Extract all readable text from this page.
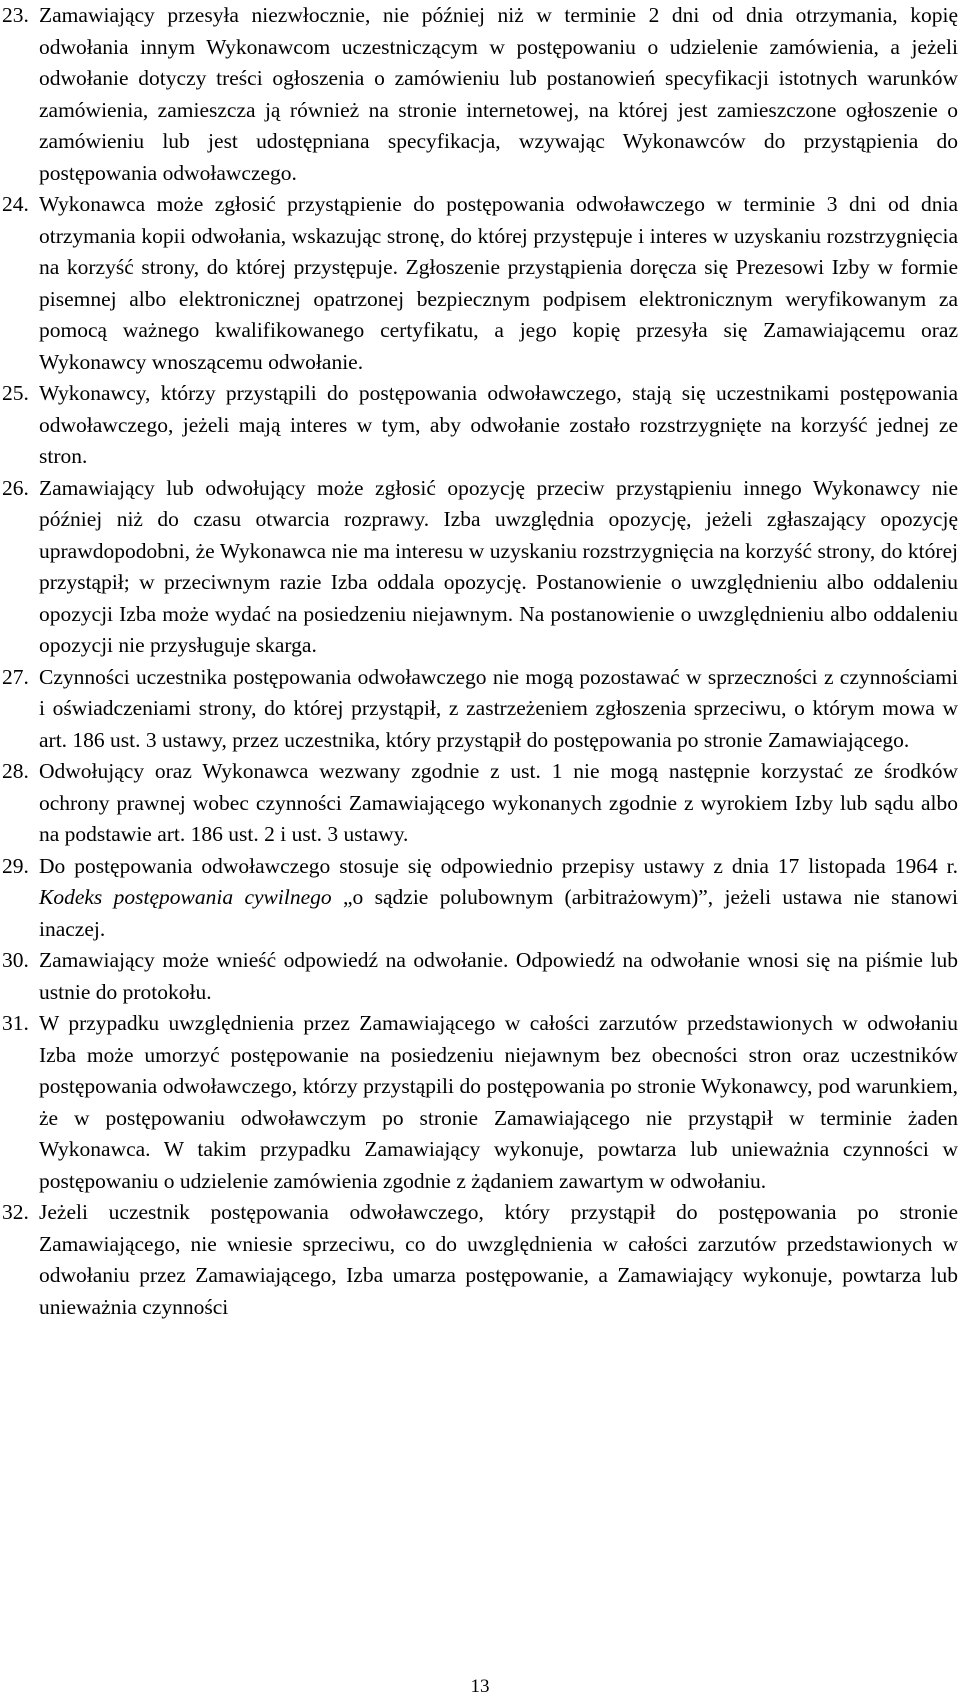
23. Zamawiający przesyła niezwłocznie, nie później niż w terminie 2 dni od dnia otrzymania, kopię odwołania innym Wykonawcom uczestniczącym w postępowaniu o udzielenie zamówienia, a jeżeli odwołanie dotyczy treści ogłoszenia o zamówieniu lub postanowień specyfikacji istotnych warunków zamówienia, zamieszcza ją również na stronie internetowej, na której jest zamieszczone ogłoszenie o zamówieniu lub jest udostępniana specyfikacja, wzywając Wykonawców do przystąpienia do postępowania odwoławczego.
24. Wykonawca może zgłosić przystąpienie do postępowania odwoławczego w terminie 3 dni od dnia otrzymania kopii odwołania, wskazując stronę, do której przystępuje i interes w uzyskaniu rozstrzygnięcia na korzyść strony, do której przystępuje. Zgłoszenie przystąpienia doręcza się Prezesowi Izby w formie pisemnej albo elektronicznej opatrzonej bezpiecznym podpisem elektronicznym weryfikowanym za pomocą ważnego kwalifikowanego certyfikatu, a jego kopię przesyła się Zamawiającemu oraz Wykonawcy wnoszącemu odwołanie.
25. Wykonawcy, którzy przystąpili do postępowania odwoławczego, stają się uczestnikami postępowania odwoławczego, jeżeli mają interes w tym, aby odwołanie zostało rozstrzygnięte na korzyść jednej ze stron.
26. Zamawiający lub odwołujący może zgłosić opozycję przeciw przystąpieniu innego Wykonawcy nie później niż do czasu otwarcia rozprawy. Izba uwzględnia opozycję, jeżeli zgłaszający opozycję uprawdopodobni, że Wykonawca nie ma interesu w uzyskaniu rozstrzygnięcia na korzyść strony, do której przystąpił; w przeciwnym razie Izba oddala opozycję. Postanowienie o uwzględnieniu albo oddaleniu opozycji Izba może wydać na posiedzeniu niejawnym. Na postanowienie o uwzględnieniu albo oddaleniu opozycji nie przysługuje skarga.
27. Czynności uczestnika postępowania odwoławczego nie mogą pozostawać w sprzeczności z czynnościami i oświadczeniami strony, do której przystąpił, z zastrzeżeniem zgłoszenia sprzeciwu, o którym mowa w art. 186 ust. 3 ustawy, przez uczestnika, który przystąpił do postępowania po stronie Zamawiającego.
28. Odwołujący oraz Wykonawca wezwany zgodnie z ust. 1 nie mogą następnie korzystać ze środków ochrony prawnej wobec czynności Zamawiającego wykonanych zgodnie z wyrokiem Izby lub sądu albo na podstawie art. 186 ust. 2 i ust. 3 ustawy.
29. Do postępowania odwoławczego stosuje się odpowiednio przepisy ustawy z dnia 17 listopada 1964 r. Kodeks postępowania cywilnego „o sądzie polubownym (arbitrażowym)”, jeżeli ustawa nie stanowi inaczej.
30. Zamawiający może wnieść odpowiedź na odwołanie. Odpowiedź na odwołanie wnosi się na piśmie lub ustnie do protokołu.
31. W przypadku uwzględnienia przez Zamawiającego w całości zarzutów przedstawionych w odwołaniu Izba może umorzyć postępowanie na posiedzeniu niejawnym bez obecności stron oraz uczestników postępowania odwoławczego, którzy przystąpili do postępowania po stronie Wykonawcy, pod warunkiem, że w postępowaniu odwoławczym po stronie Zamawiającego nie przystąpił w terminie żaden Wykonawca. W takim przypadku Zamawiający wykonuje, powtarza lub unieważnia czynności w postępowaniu o udzielenie zamówienia zgodnie z żądaniem zawartym w odwołaniu.
32. Jeżeli uczestnik postępowania odwoławczego, który przystąpił do postępowania po stronie Zamawiającego, nie wniesie sprzeciwu, co do uwzględnienia w całości zarzutów przedstawionych w odwołaniu przez Zamawiającego, Izba umarza postępowanie, a Zamawiający wykonuje, powtarza lub unieważnia czynności
13
